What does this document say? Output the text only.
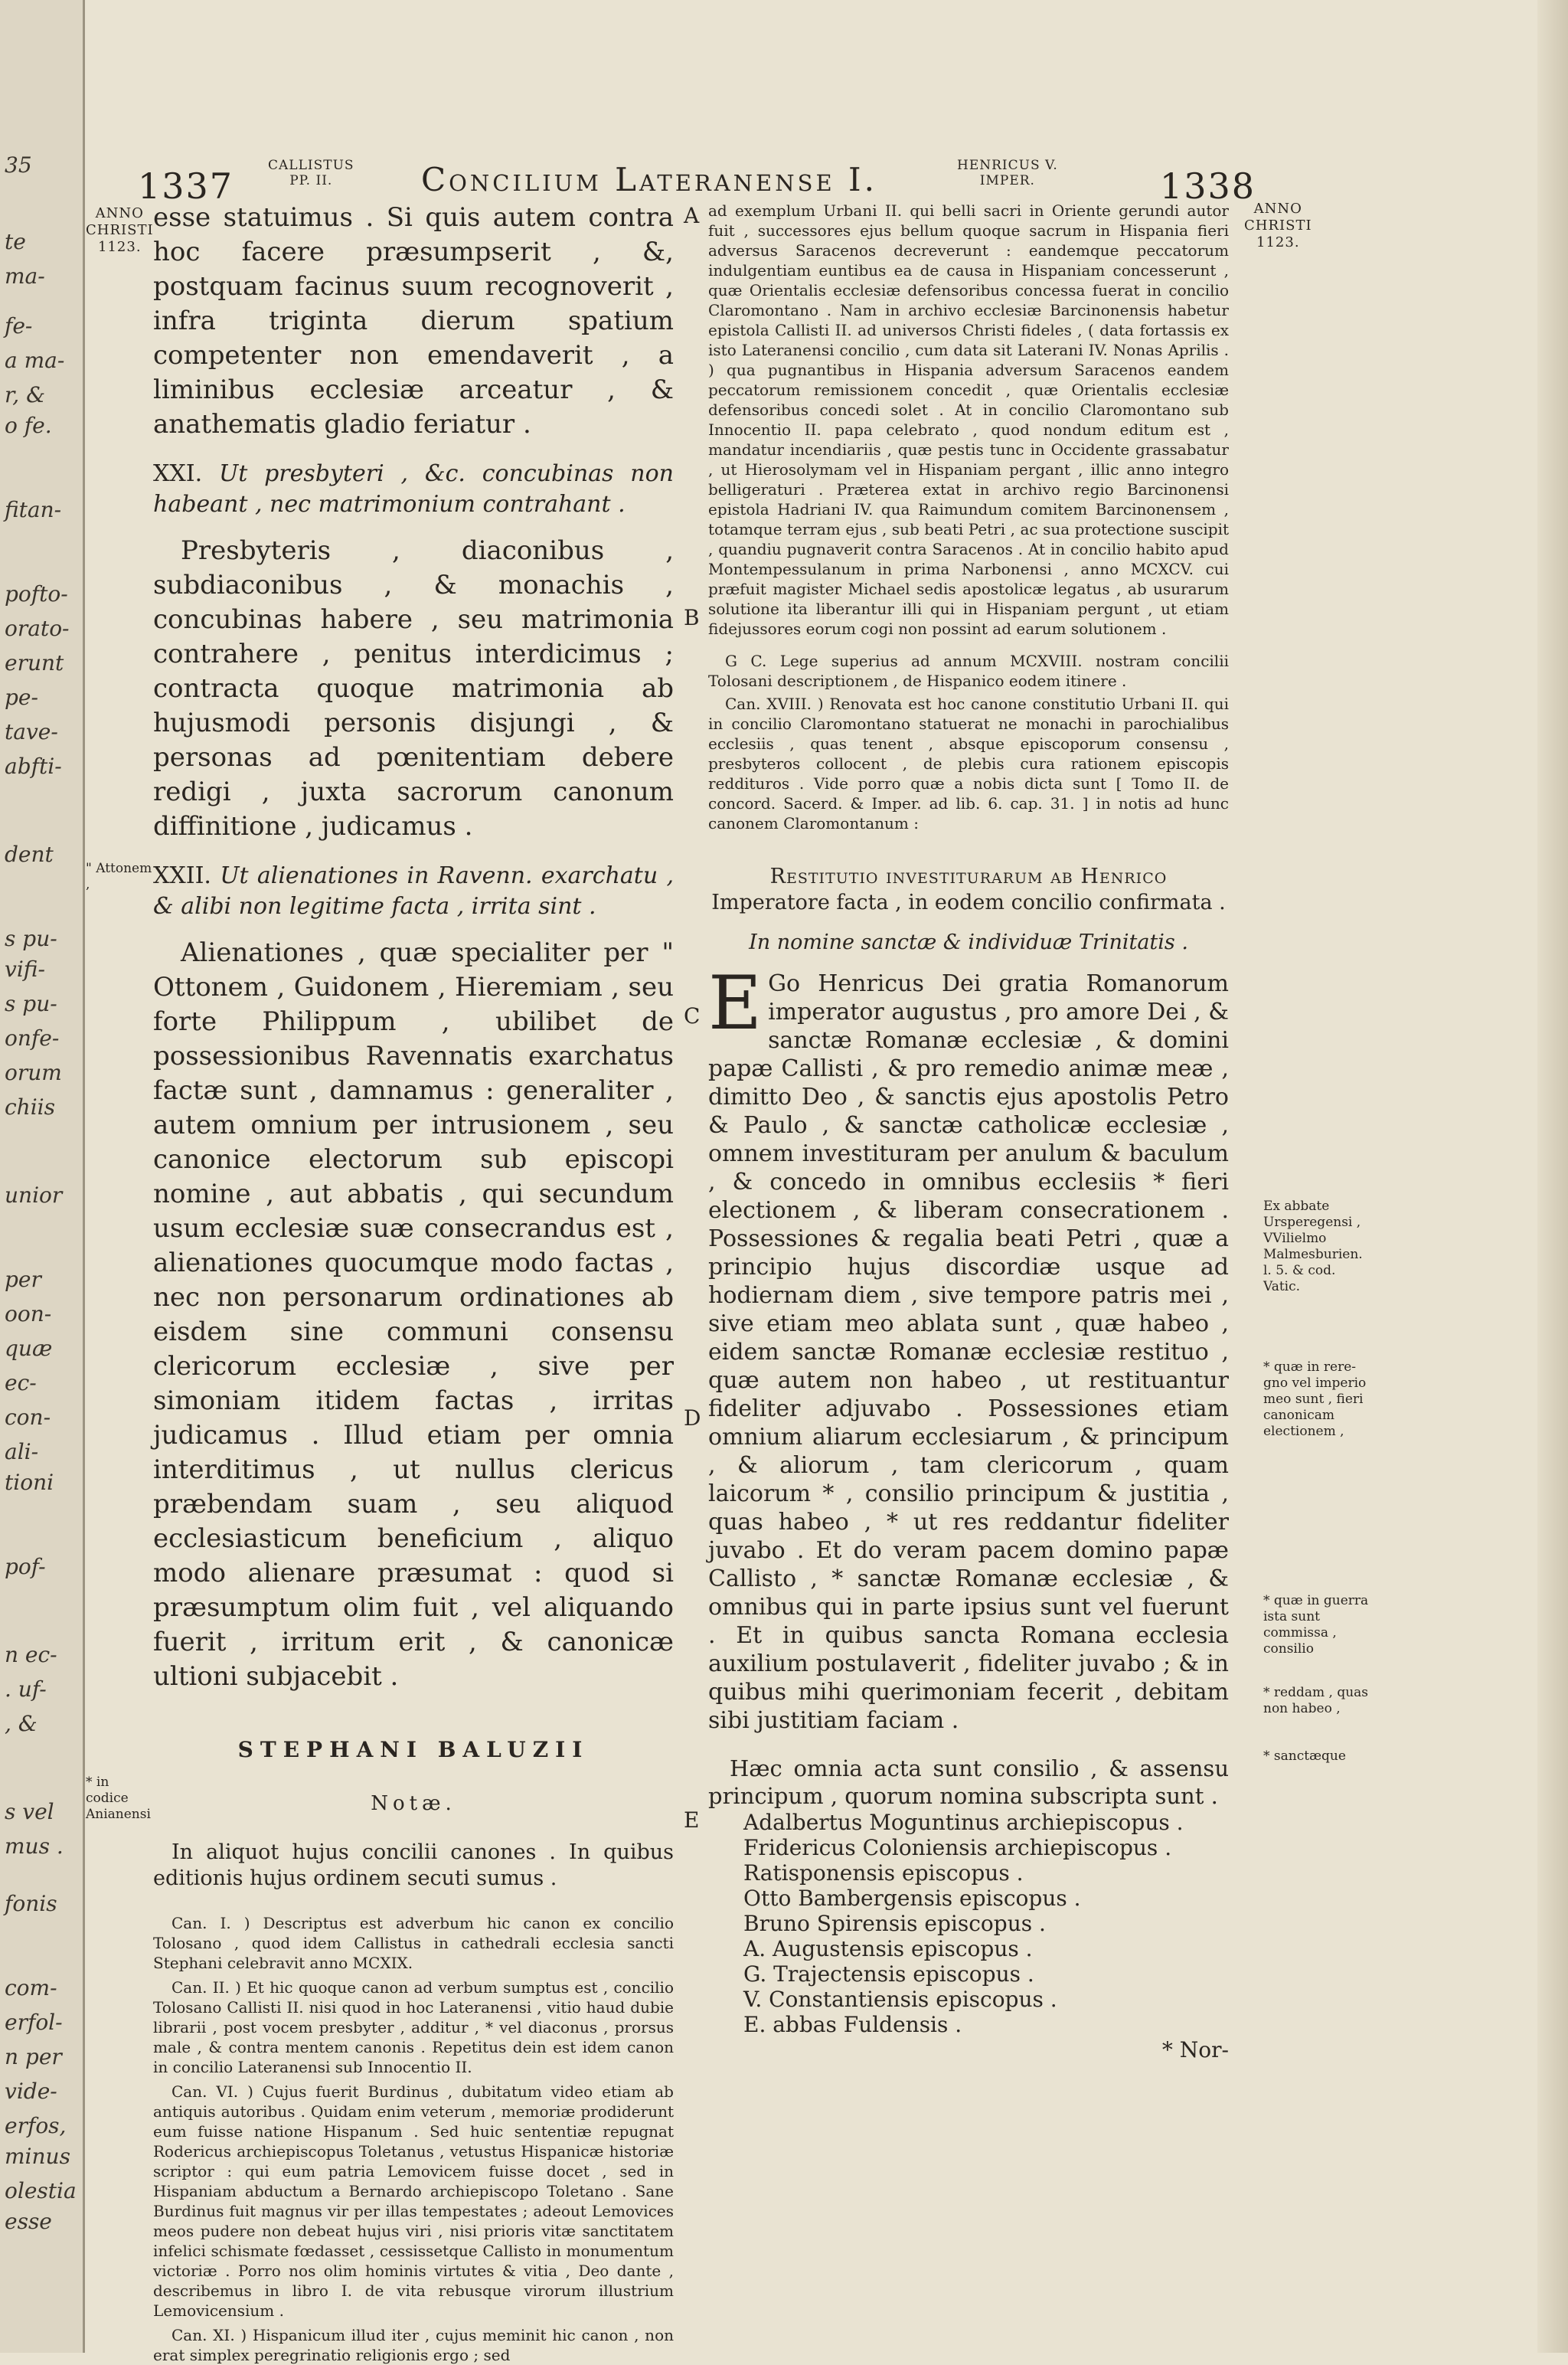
35
te
ma-
fe-
a ma-
r, &
o fe.
fitan-
pofto-
orato-
erunt
pe-
tave-
abfti-
dent
s pu-
vifi-
s pu-
onfe-
orum
chiis
unior
per
oon-
quæ
ec-
con-
ali-
tioni
pof-
n ec-
. uf-
, &
s vel
mus .
fonis
com-
erfol-
n per
vide-
erfos,
minus
olestia
esse
1337	CALLISTUS
PP. II.	Concilium Lateranense I.	HENRICUS V.
IMPER.	1338
ANNO
CHRISTI
1123.
ANNO
CHRISTI
1123.
A
B
C
D
E
" Attonem ,
* in codice Anianensi

esse statuimus . Si quis autem contra hoc facere præsumpserit , &, postquam facinus suum recognoverit , infra triginta dierum spatium competenter non emendaverit , a liminibus ecclesiæ arceatur , & anathematis gladio feriatur .

XXI. Ut presbyteri , &c. concubinas non habeant , nec matrimonium contrahant .

Presbyteris , diaconibus , subdiaconibus , & monachis , concubinas habere , seu matrimonia contrahere , penitus interdicimus ; contracta quoque matrimonia ab hujusmodi personis disjungi , & personas ad pœnitentiam debere redigi , juxta sacrorum canonum diffinitione , judicamus .

XXII. Ut alienationes in Ravenn. exarchatu , & alibi non legitime facta , irrita sint .

Alienationes , quæ specialiter per " Ottonem , Guidonem , Hieremiam , seu forte Philippum , ubilibet de possessionibus Ravennatis exarchatus factæ sunt , damnamus : generaliter , autem omnium per intrusionem , seu canonice electorum sub episcopi nomine , aut abbatis , qui secundum usum ecclesiæ suæ consecrandus est , alienationes quocumque modo factas , nec non personarum ordinationes ab eisdem sine communi consensu clericorum ecclesiæ , sive per simoniam itidem factas , irritas judicamus . Illud etiam per omnia interditimus , ut nullus clericus præbendam suam , seu aliquod ecclesiasticum beneficium , aliquo modo alienare præsumat : quod si præsumptum olim fuit , vel aliquando fuerit , irritum erit , & canonicæ ultioni subjacebit .

STEPHANI BALUZII

Notæ.

In aliquot hujus concilii canones . In quibus editionis hujus ordinem secuti sumus .

Can. I. ) Descriptus est adverbum hic canon ex concilio Tolosano , quod idem Callistus in cathedrali ecclesia sancti Stephani celebravit anno MCXIX.

Can. II. ) Et hic quoque canon ad verbum sumptus est , concilio Tolosano Callisti II. nisi quod in hoc Lateranensi , vitio haud dubie librarii , post vocem presbyter , additur , * vel diaconus , prorsus male , & contra mentem canonis . Repetitus dein est idem canon in concilio Lateranensi sub Innocentio II.

Can. VI. ) Cujus fuerit Burdinus , dubitatum video etiam ab antiquis autoribus . Quidam enim veterum , memoriæ prodiderunt eum fuisse natione Hispanum . Sed huic sententiæ repugnat Rodericus archiepiscopus Toletanus , vetustus Hispanicæ historiæ scriptor : qui eum patria Lemovicem fuisse docet , sed in Hispaniam abductum a Bernardo archiepiscopo Toletano . Sane Burdinus fuit magnus vir per illas tempestates ; adeout Lemovices meos pudere non debeat hujus viri , nisi prioris vitæ sanctitatem infelici schismate fœdasset , cessissetque Callisto in monumentum victoriæ . Porro nos olim hominis virtutes & vitia , Deo dante , describemus in libro I. de vita rebusque virorum illustrium Lemovicensium .

Can. XI. ) Hispanicum illud iter , cujus meminit hic canon , non erat simplex peregrinatio religionis ergo ; sed

ad exemplum Urbani II. qui belli sacri in Oriente gerundi autor fuit , successores ejus bellum quoque sacrum in Hispania fieri adversus Saracenos decreverunt : eandemque peccatorum indulgentiam euntibus ea de causa in Hispaniam concesserunt , quæ Orientalis ecclesiæ defensoribus concessa fuerat in concilio Claromontano . Nam in archivo ecclesiæ Barcinonensis habetur epistola Callisti II. ad universos Christi fideles , ( data fortassis ex isto Lateranensi concilio , cum data sit Laterani IV. Nonas Aprilis . ) qua pugnantibus in Hispania adversum Saracenos eandem peccatorum remissionem concedit , quæ Orientalis ecclesiæ defensoribus concedi solet . At in concilio Claromontano sub Innocentio II. papa celebrato , quod nondum editum est , mandatur incendiariis , quæ pestis tunc in Occidente grassabatur , ut Hierosolymam vel in Hispaniam pergant , illic anno integro belligeraturi . Præterea extat in archivo regio Barcinonensi epistola Hadriani IV. qua Raimundum comitem Barcinonensem , totamque terram ejus , sub beati Petri , ac sua protectione suscipit , quandiu pugnaverit contra Saracenos . At in concilio habito apud Montempessulanum in prima Narbonensi , anno MCXCV. cui præfuit magister Michael sedis apostolicæ legatus , ab usurarum solutione ita liberantur illi qui in Hispaniam pergunt , ut etiam fidejussores eorum cogi non possint ad earum solutionem .

G C. Lege superius ad annum MCXVIII. nostram concilii Tolosani descriptionem , de Hispanico eodem itinere .

Can. XVIII. ) Renovata est hoc canone constitutio Urbani II. qui in concilio Claromontano statuerat ne monachi in parochialibus ecclesiis , quas tenent , absque episcoporum consensu , presbyteros collocent , de plebis cura rationem episcopis reddituros . Vide porro quæ a nobis dicta sunt [ Tomo II. de concord. Sacerd. & Imper. ad lib. 6. cap. 31. ] in notis ad hunc canonem Claromontanum :

Restitutio investiturarum ab Henrico
Imperatore facta , in eodem concilio confirmata .

In nomine sanctæ & individuæ Trinitatis .

E Go Henricus Dei gratia Romanorum imperator augustus , pro amore Dei , & sanctæ Romanæ ecclesiæ , & domini papæ Callisti , & pro remedio animæ meæ , dimitto Deo , & sanctis ejus apostolis Petro & Paulo , & sanctæ catholicæ ecclesiæ , omnem investituram per anulum & baculum , & concedo in omnibus ecclesiis * fieri electionem , & liberam consecrationem . Possessiones & regalia beati Petri , quæ a principio hujus discordiæ usque ad hodiernam diem , sive tempore patris mei , sive etiam meo ablata sunt , quæ habeo , eidem sanctæ Romanæ ecclesiæ restituo , quæ autem non habeo , ut restituantur fideliter adjuvabo . Possessiones etiam omnium aliarum ecclesiarum , & principum , & aliorum , tam clericorum , quam laicorum * , consilio principum & justitia , quas habeo , * ut res reddantur fideliter juvabo . Et do veram pacem domino papæ Callisto , * sanctæ Romanæ ecclesiæ , & omnibus qui in parte ipsius sunt vel fuerunt . Et in quibus sancta Romana ecclesia auxilium postulaverit , fideliter juvabo ; & in quibus mihi querimoniam fecerit , debitam sibi justitiam faciam .

Hæc omnia acta sunt consilio , & assensu principum , quorum nomina subscripta sunt .

Adalbertus Moguntinus archiepiscopus .

Fridericus Coloniensis archiepiscopus .

Ratisponensis episcopus .

Otto Bambergensis episcopus .

Bruno Spirensis episcopus .

A. Augustensis episcopus .

G. Trajectensis episcopus .

V. Constantiensis episcopus .

E. abbas Fuldensis .

* Nor-

Ex abbate Ursperegensi , VVilielmo Malmesburien. l. 5. & cod. Vatic.
* quæ in rere-gno vel imperio meo sunt , fieri canonicam electionem ,
* quæ in guerra ista sunt commissa , consilio
* reddam , quas non habeo ,
* sanctæque
